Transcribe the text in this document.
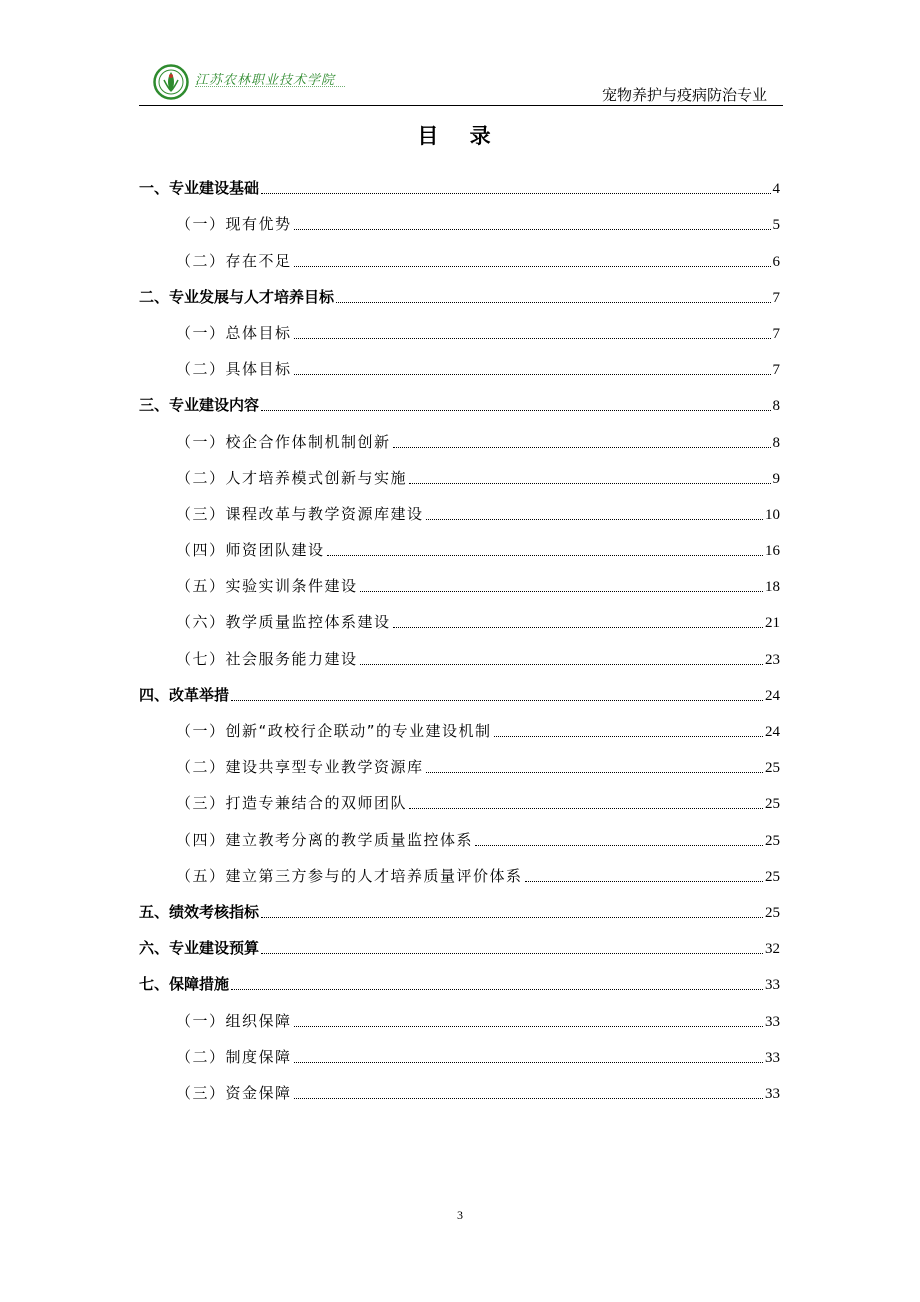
江苏农林职业技术学院
宠物养护与疫病防治专业
目 录
一、专业建设基础	4
（一）现有优势	5
（二）存在不足	6
二、专业发展与人才培养目标	7
（一）总体目标	7
（二）具体目标	7
三、专业建设内容	8
（一）校企合作体制机制创新	8
（二）人才培养模式创新与实施	9
（三）课程改革与教学资源库建设	10
（四）师资团队建设	16
（五）实验实训条件建设	18
（六）教学质量监控体系建设	21
（七）社会服务能力建设	23
四、改革举措	24
（一）创新“政校行企联动”的专业建设机制	24
（二）建设共享型专业教学资源库	25
（三）打造专兼结合的双师团队	25
（四）建立教考分离的教学质量监控体系	25
（五）建立第三方参与的人才培养质量评价体系	25
五、绩效考核指标	25
六、专业建设预算	32
七、保障措施	33
（一）组织保障	33
（二）制度保障	33
（三）资金保障	33
3
